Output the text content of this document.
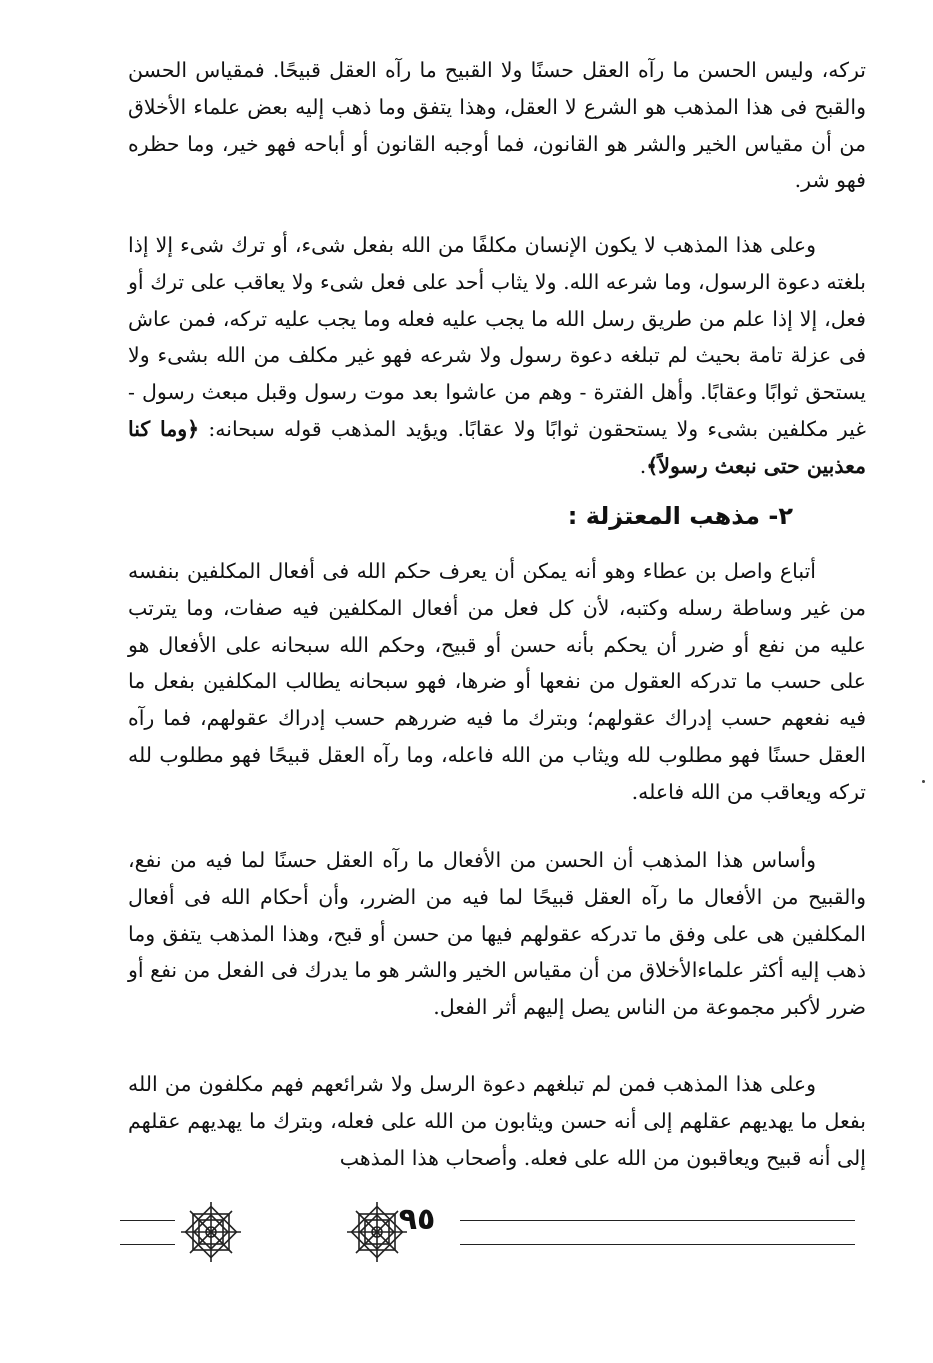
تركه، وليس الحسن ما رآه العقل حسنًا ولا القبيح ما رآه العقل قبيحًا. فمقياس الحسن والقبح فى هذا المذهب هو الشرع لا العقل، وهذا يتفق وما ذهب إليه بعض علماء الأخلاق من أن مقياس الخير والشر هو القانون، فما أوجبه القانون أو أباحه فهو خير، وما حظره فهو شر.

وعلى هذا المذهب لا يكون الإنسان مكلفًا من الله بفعل شىء، أو ترك شىء إلا إذا بلغته دعوة الرسول، وما شرعه الله. ولا يثاب أحد على فعل شىء ولا يعاقب على ترك أو فعل، إلا إذا علم من طريق رسل الله ما يجب عليه فعله وما يجب عليه تركه، فمن عاش فى عزلة تامة بحيث لم تبلغه دعوة رسول ولا شرعه فهو غير مكلف من الله بشىء ولا يستحق ثوابًا وعقابًا. وأهل الفترة - وهم من عاشوا بعد موت رسول وقبل مبعث رسول - غير مكلفين بشىء ولا يستحقون ثوابًا ولا عقابًا. ويؤيد المذهب قوله سبحانه: ﴿وما كنا معذبين حتى نبعث رسولاً﴾.

٢- مذهب المعتزلة :

أتباع واصل بن عطاء وهو أنه يمكن أن يعرف حكم الله فى أفعال المكلفين بنفسه من غير وساطة رسله وكتبه، لأن كل فعل من أفعال المكلفين فيه صفات، وما يترتب عليه من نفع أو ضرر أن يحكم بأنه حسن أو قبيح، وحكم الله سبحانه على الأفعال هو على حسب ما تدركه العقول من نفعها أو ضرها، فهو سبحانه يطالب المكلفين بفعل ما فيه نفعهم حسب إدراك عقولهم؛ وبترك ما فيه ضررهم حسب إدراك عقولهم، فما رآه العقل حسنًا فهو مطلوب لله ويثاب من الله فاعله، وما رآه العقل قبيحًا فهو مطلوب لله تركه ويعاقب من الله فاعله.

وأساس هذا المذهب أن الحسن من الأفعال ما رآه العقل حسنًا لما فيه من نفع، والقبيح من الأفعال ما رآه العقل قبيحًا لما فيه من الضرر، وأن أحكام الله فى أفعال المكلفين هى على وفق ما تدركه عقولهم فيها من حسن أو قبح، وهذا المذهب يتفق وما ذهب إليه أكثر علماءالأخلاق من أن مقياس الخير والشر هو ما يدرك فى الفعل من نفع أو ضرر لأكبر مجموعة من الناس يصل إليهم أثر الفعل.

وعلى هذا المذهب فمن لم تبلغهم دعوة الرسل ولا شرائعهم فهم مكلفون من الله بفعل ما يهديهم عقلهم إلى أنه حسن ويثابون من الله على فعله، وبترك ما يهديهم عقلهم إلى أنه قبيح ويعاقبون من الله على فعله. وأصحاب هذا المذهب

٩٥
